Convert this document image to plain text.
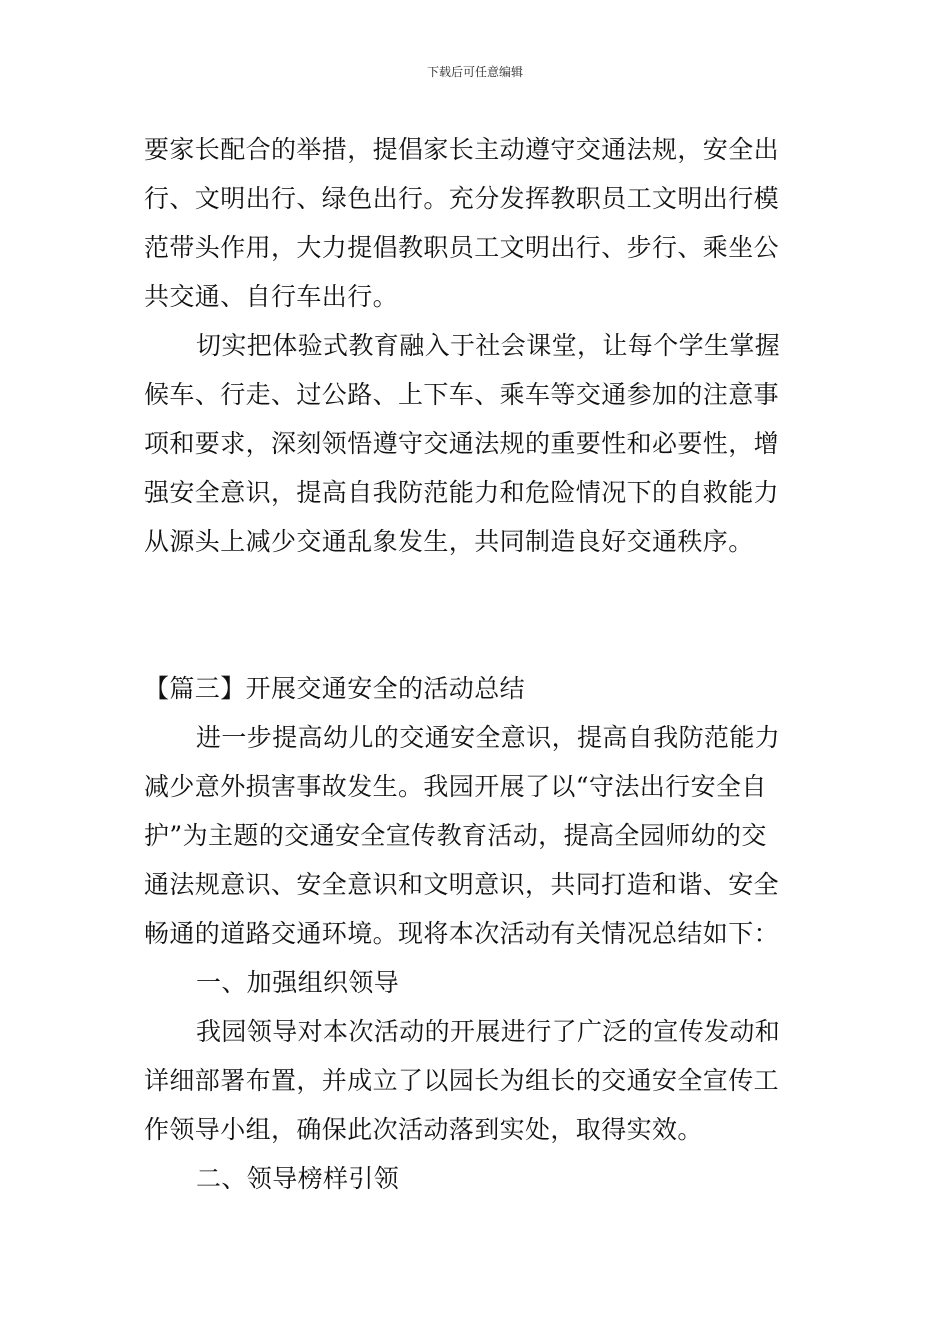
下载后可任意编辑
要家长配合的举措，提倡家长主动遵守交通法规，安全出
行、文明出行、绿色出行。充分发挥教职员工文明出行模
范带头作用，大力提倡教职员工文明出行、步行、乘坐公
共交通、自行车出行。
切实把体验式教育融入于社会课堂，让每个学生掌握
候车、行走、过公路、上下车、乘车等交通参加的注意事
项和要求，深刻领悟遵守交通法规的重要性和必要性，增
强安全意识，提高自我防范能力和危险情况下的自救能力
从源头上减少交通乱象发生，共同制造良好交通秩序。
【篇三】开展交通安全的活动总结
进一步提高幼儿的交通安全意识，提高自我防范能力
减少意外损害事故发生。我园开展了以“守法出行安全自
护”为主题的交通安全宣传教育活动，提高全园师幼的交
通法规意识、安全意识和文明意识，共同打造和谐、安全
畅通的道路交通环境。现将本次活动有关情况总结如下：
一、加强组织领导
我园领导对本次活动的开展进行了广泛的宣传发动和
详细部署布置，并成立了以园长为组长的交通安全宣传工
作领导小组，确保此次活动落到实处，取得实效。
二、领导榜样引领
